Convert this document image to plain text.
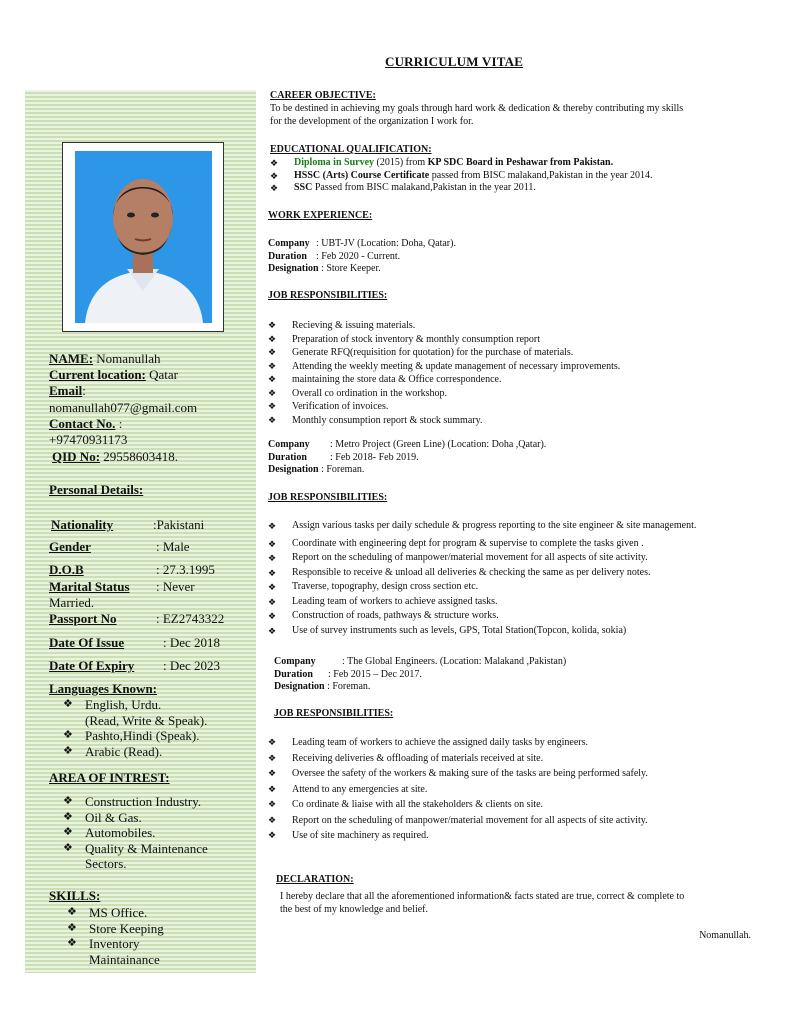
CURRICULUM VITAE
NAME: Nomanullah
Current location: Qatar
Email:
nomanullah077@gmail.com
Contact No. :
+97470931173
QID No: 29558603418.
Personal Details:
Nationality	:Pakistani
Gender	: Male
D.O.B	: 27.3.1995
Marital Status : Never
Married.
Passport No	: EZ2743322
Date Of Issue	: Dec 2018
Date Of Expiry : Dec 2023
Languages Known:
❖ English, Urdu.
(Read, Write & Speak).
❖ Pashto,Hindi (Speak).
❖ Arabic (Read).
AREA OF INTREST:
❖ Construction Industry.
❖ Oil & Gas.
❖ Automobiles.
❖ Quality & Maintenance
Sectors.
SKILLS:
❖ MS Office.
❖ Store Keeping
❖ Inventory
Maintainance
CAREER OBJECTIVE:
To be destined in achieving my goals through hard work & dedication & thereby contributing my skills
for the development of the organization I work for.
EDUCATIONAL QUALIFICATION:
❖ Diploma in Survey (2015) from KP SDC Board in Peshawar from Pakistan.
❖ HSSC (Arts) Course Certificate passed from BISC malakand,Pakistan in the year 2014.
❖ SSC Passed from BISC malakand,Pakistan in the year 2011.
WORK EXPERIENCE:
Company : UBT-JV (Location: Doha, Qatar).
Duration : Feb 2020 - Current.
Designation : Store Keeper.
JOB RESPONSIBILITIES:
❖ Recieving & issuing materials.
❖ Preparation of stock inventory & monthly consumption report
❖ Generate RFQ(requisition for quotation) for the purchase of materials.
❖ Attending the weekly meeting & update management of necessary improvements.
❖ maintaining the store data & Office correspondence.
❖ Overall co ordination in the workshop.
❖ Verification of invoices.
❖ Monthly consumption report & stock summary.
Company : Metro Project (Green Line) (Location: Doha ,Qatar).
Duration : Feb 2018- Feb 2019.
Designation : Foreman.
JOB RESPONSIBILITIES:
❖ Assign various tasks per daily schedule & progress reporting to the site engineer & site management.
❖ Coordinate with engineering dept for program & supervise to complete the tasks given .
❖ Report on the scheduling of manpower/material movement for all aspects of site activity.
❖ Responsible to receive & unload all deliveries & checking the same as per delivery notes.
❖ Traverse, topography, design cross section etc.
❖ Leading team of workers to achieve assigned tasks.
❖ Construction of roads, pathways & structure works.
❖ Use of survey instruments such as levels, GPS, Total Station(Topcon, kolida, sokia)
Company	: The Global Engineers. (Location: Malakand ,Pakistan)
Duration : Feb 2015 – Dec 2017.
Designation : Foreman.
JOB RESPONSIBILITIES:
❖ Leading team of workers to achieve the assigned daily tasks by engineers.
❖ Receiving deliveries & offloading of materials received at site.
❖ Oversee the safety of the workers & making sure of the tasks are being performed safely.
❖ Attend to any emergencies at site.
❖ Co ordinate & liaise with all the stakeholders & clients on site.
❖ Report on the scheduling of manpower/material movement for all aspects of site activity.
❖ Use of site machinery as required.
DECLARATION:
I hereby declare that all the aforementioned information& facts stated are true, correct & complete to
the best of my knowledge and belief.
Nomanullah.
